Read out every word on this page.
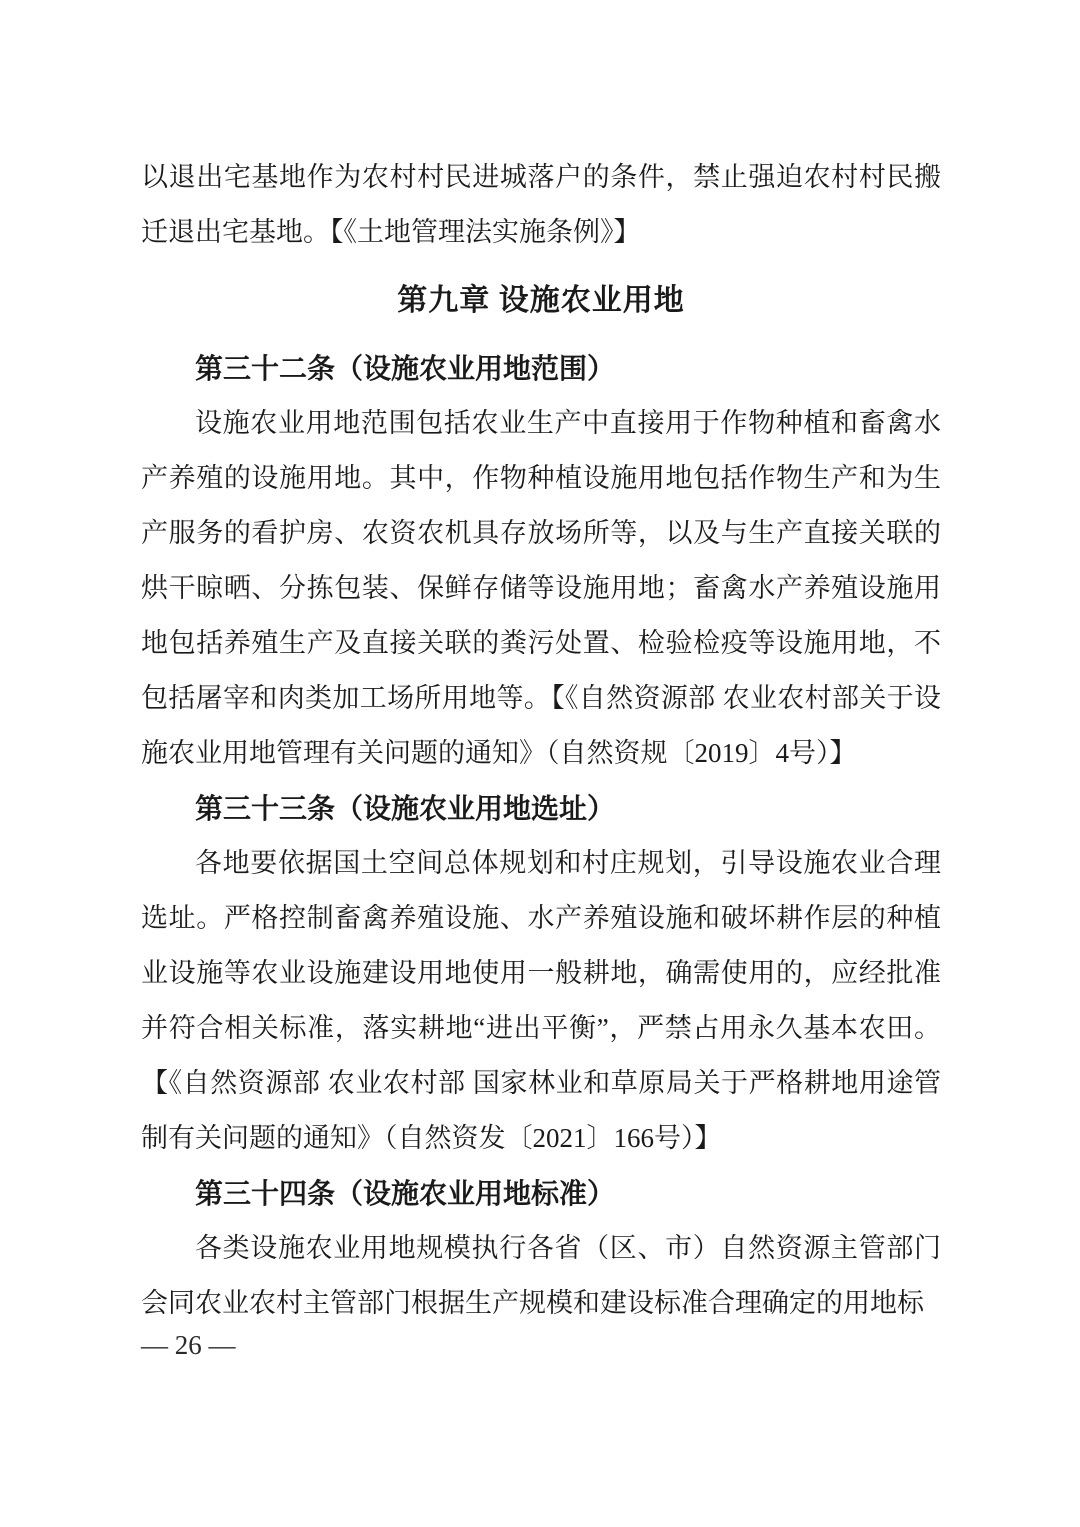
以退出宅基地作为农村村民进城落户的条件，禁止强迫农村村民搬迁退出宅基地。【《土地管理法实施条例》】

第九章 设施农业用地
第三十二条（设施农业用地范围）

设施农业用地范围包括农业生产中直接用于作物种植和畜禽水产养殖的设施用地。其中，作物种植设施用地包括作物生产和为生产服务的看护房、农资农机具存放场所等，以及与生产直接关联的烘干晾晒、分拣包装、保鲜存储等设施用地；畜禽水产养殖设施用地包括养殖生产及直接关联的粪污处置、检验检疫等设施用地，不包括屠宰和肉类加工场所用地等。【《自然资源部 农业农村部关于设施农业用地管理有关问题的通知》（自然资规〔2019〕4号）】

第三十三条（设施农业用地选址）

各地要依据国土空间总体规划和村庄规划，引导设施农业合理选址。严格控制畜禽养殖设施、水产养殖设施和破坏耕作层的种植业设施等农业设施建设用地使用一般耕地，确需使用的，应经批准并符合相关标准，落实耕地“进出平衡”，严禁占用永久基本农田。【《自然资源部 农业农村部 国家林业和草原局关于严格耕地用途管制有关问题的通知》（自然资发〔2021〕166号）】

第三十四条（设施农业用地标准）

各类设施农业用地规模执行各省（区、市）自然资源主管部门会同农业农村主管部门根据生产规模和建设标准合理确定的用地标

— 26 —
